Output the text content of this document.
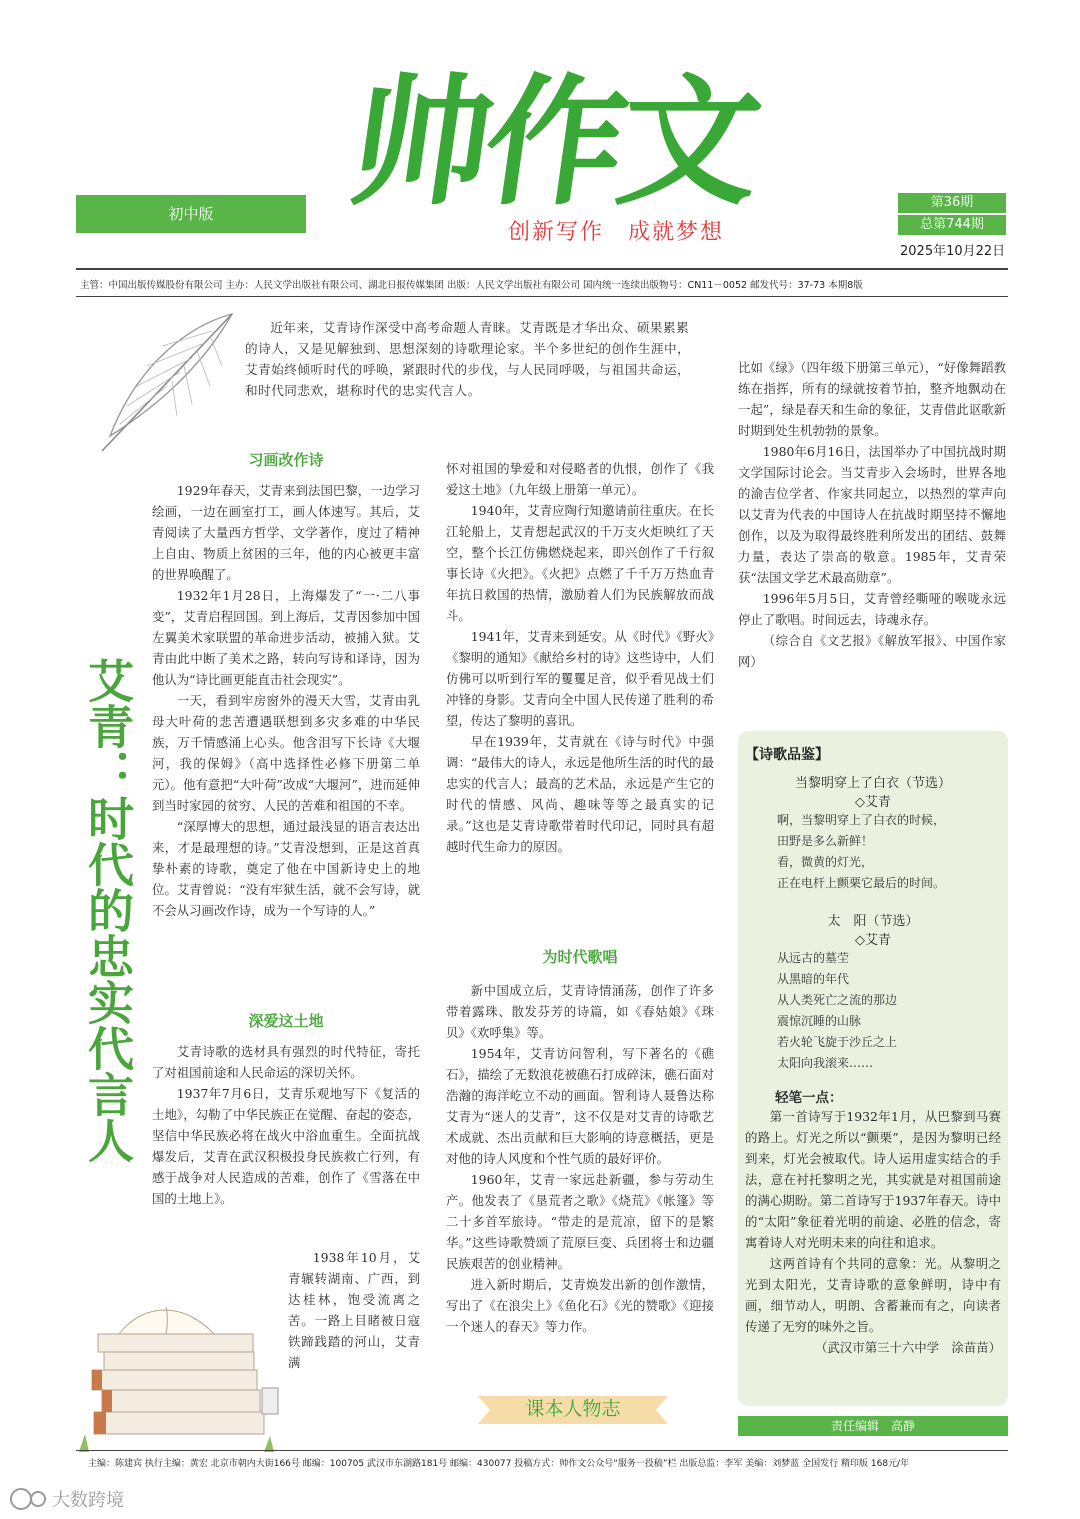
帅作文
初中版
创新写作　成就梦想
第36期
总第744期
2025年10月22日
主管：中国出版传媒股份有限公司 主办：人民文学出版社有限公司、湖北日报传媒集团 出版：人民文学出版社有限公司 国内统一连续出版物号：CN11－0052 邮发代号：37-73 本期8版
近年来，艾青诗作深受中高考命题人青睐。艾青既是才华出众、硕果累累的诗人，又是见解独到、思想深刻的诗歌理论家。半个多世纪的创作生涯中，艾青始终倾听时代的呼唤，紧跟时代的步伐，与人民同呼吸，与祖国共命运，和时代同悲欢，堪称时代的忠实代言人。
艾青：时代的忠实代言人
习画改作诗

1929年春天，艾青来到法国巴黎，一边学习绘画，一边在画室打工，画人体速写。其后，艾青阅读了大量西方哲学、文学著作，度过了精神上自由、物质上贫困的三年，他的内心被更丰富的世界唤醒了。

1932年1月28日，上海爆发了“一·二八事变”，艾青启程回国。到上海后，艾青因参加中国左翼美术家联盟的革命进步活动，被捕入狱。艾青由此中断了美术之路，转向写诗和译诗，因为他认为“诗比画更能直击社会现实”。

一天，看到牢房窗外的漫天大雪，艾青由乳母大叶荷的悲苦遭遇联想到多灾多难的中华民族，万千情感涌上心头。他含泪写下长诗《大堰河，我的保姆》（高中选择性必修下册第二单元）。他有意把“大叶荷”改成“大堰河”，进而延伸到当时家园的贫穷、人民的苦难和祖国的不幸。

“深厚博大的思想，通过最浅显的语言表达出来，才是最理想的诗。”艾青没想到，正是这首真挚朴素的诗歌，奠定了他在中国新诗史上的地位。艾青曾说：“没有牢狱生活，就不会写诗，就不会从习画改作诗，成为一个写诗的人。”

深爱这土地

艾青诗歌的选材具有强烈的时代特征，寄托了对祖国前途和人民命运的深切关怀。

1937年7月6日，艾青乐观地写下《复活的土地》，勾勒了中华民族正在觉醒、奋起的姿态，坚信中华民族必将在战火中浴血重生。全面抗战爆发后，艾青在武汉积极投身民族救亡行列，有感于战争对人民造成的苦难，创作了《雪落在中国的土地上》。

1938年10月，艾青辗转湖南、广西，到达桂林，饱受流离之苦。一路上目睹被日寇铁蹄践踏的河山，艾青满

怀对祖国的挚爱和对侵略者的仇恨，创作了《我爱这土地》（九年级上册第一单元）。

1940年，艾青应陶行知邀请前往重庆。在长江轮船上，艾青想起武汉的千万支火炬映红了天空，整个长江仿佛燃烧起来，即兴创作了千行叙事长诗《火把》。《火把》点燃了千千万万热血青年抗日救国的热情，激励着人们为民族解放而战斗。

1941年，艾青来到延安。从《时代》《野火》《黎明的通知》《献给乡村的诗》这些诗中，人们仿佛可以听到行军的矍矍足音，似乎看见战士们冲锋的身影。艾青向全中国人民传递了胜利的希望，传达了黎明的喜讯。

早在1939年，艾青就在《诗与时代》中强调：“最伟大的诗人，永远是他所生活的时代的最忠实的代言人；最高的艺术品，永远是产生它的时代的情感、风尚、趣味等等之最真实的记录。”这也是艾青诗歌带着时代印记，同时具有超越时代生命力的原因。

为时代歌唱

新中国成立后，艾青诗情涌荡，创作了许多带着露珠、散发芬芳的诗篇，如《春姑娘》《珠贝》《欢呼集》等。

1954年，艾青访问智利，写下著名的《礁石》，描绘了无数浪花被礁石打成碎沫，礁石面对浩瀚的海洋屹立不动的画面。智利诗人聂鲁达称艾青为“迷人的艾青”，这不仅是对艾青的诗歌艺术成就、杰出贡献和巨大影响的诗意概括，更是对他的诗人风度和个性气质的最好评价。

1960年，艾青一家远赴新疆，参与劳动生产。他发表了《垦荒者之歌》《烧荒》《帐篷》等二十多首军旅诗。“带走的是荒凉，留下的是繁华。”这些诗歌赞颂了荒原巨变、兵团将士和边疆民族艰苦的创业精神。

进入新时期后，艾青焕发出新的创作激情，写出了《在浪尖上》《鱼化石》《光的赞歌》《迎接一个迷人的春天》等力作。

课本人物志

比如《绿》（四年级下册第三单元），“好像舞蹈教练在指挥，所有的绿就按着节拍，整齐地飘动在一起”，绿是春天和生命的象征，艾青借此讴歌新时期到处生机勃勃的景象。

1980年6月16日，法国举办了中国抗战时期文学国际讨论会。当艾青步入会场时，世界各地的渝吉位学者、作家共同起立，以热烈的掌声向以艾青为代表的中国诗人在抗战时期坚持不懈地创作，以及为取得最终胜利所发出的团结、鼓舞力量，表达了崇高的敬意。1985年，艾青荣获“法国文学艺术最高勋章”。

1996年5月5日，艾青曾经嘶哑的喉咙永远停止了歌唱。时间远去，诗魂永存。

（综合自《文艺报》《解放军报》、中国作家网）

【诗歌品鉴】
当黎明穿上了白衣（节选）
◇艾青
啊，当黎明穿上了白衣的时候，
田野是多么新鲜！
看，微黄的灯光，
正在电杆上颤栗它最后的时间。
太　阳（节选）
◇艾青
从远古的墓茔
从黑暗的年代
从人类死亡之流的那边
震惊沉睡的山脉
若火轮飞旋于沙丘之上
太阳向我滚来……
轻笔一点：

第一首诗写于1932年1月，从巴黎到马赛的路上。灯光之所以“颤栗”，是因为黎明已经到来，灯光会被取代。诗人运用虚实结合的手法，意在衬托黎明之光，其实就是对祖国前途的满心期盼。第二首诗写于1937年春天。诗中的“太阳”象征着光明的前途、必胜的信念，寄寓着诗人对光明未来的向往和追求。

这两首诗有个共同的意象：光。从黎明之光到太阳光，艾青诗歌的意象鲜明，诗中有画，细节动人，明朗、含蓄兼而有之，向读者传递了无穷的味外之旨。

（武汉市第三十六中学　涂苗苗）
责任编辑　高静
主编：陈建宾 执行主编：黄宏 北京市朝内大街166号 邮编：100705 武汉市东湖路181号 邮编：430077 投稿方式：帅作文公众号“服务一投稿”栏 出版总监：李军 美编：刘梦蓝 全国发行 精印版 168元/年
大数跨境
